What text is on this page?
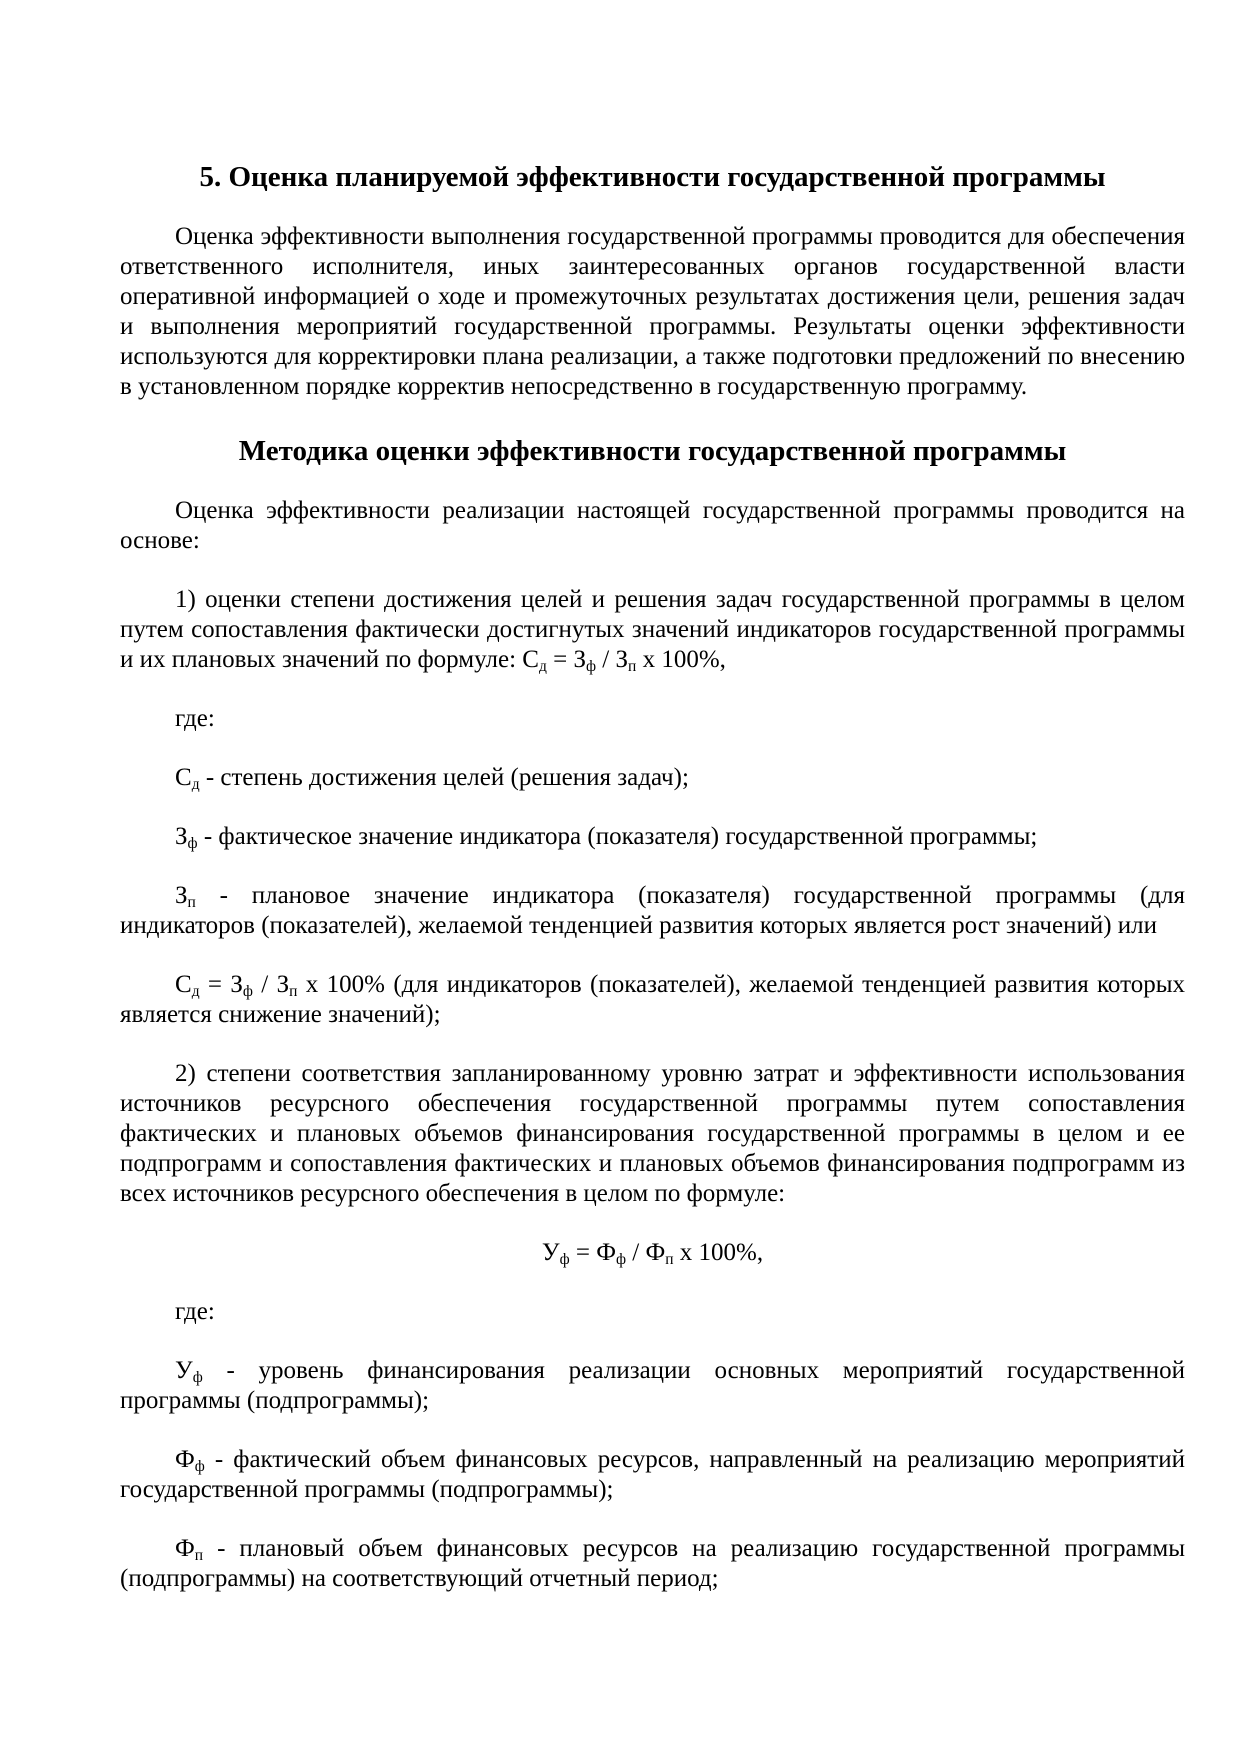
5. Оценка планируемой эффективности государственной программы

Оценка эффективности выполнения государственной программы проводится для обеспечения ответственного исполнителя, иных заинтересованных органов государственной власти оперативной информацией о ходе и промежуточных результатах достижения цели, решения задач и выполнения мероприятий государственной программы. Результаты оценки эффективности используются для корректировки плана реализации, а также подготовки предложений по внесению в установленном порядке корректив непосредственно в государственную программу.

Методика оценки эффективности государственной программы

Оценка эффективности реализации настоящей государственной программы проводится на основе:

1) оценки степени достижения целей и решения задач государственной программы в целом путем сопоставления фактически достигнутых значений индикаторов государственной программы и их плановых значений по формуле: $С_д = З_ф / З_п$ х 100%,

где:

$С_д$ - степень достижения целей (решения задач);

$З_ф$ - фактическое значение индикатора (показателя) государственной программы;

$З_п$ - плановое значение индикатора (показателя) государственной программы (для индикаторов (показателей), желаемой тенденцией развития которых является рост значений) или

$С_д = З_ф / З_п$ х 100% (для индикаторов (показателей), желаемой тенденцией развития которых является снижение значений);

2) степени соответствия запланированному уровню затрат и эффективности использования источников ресурсного обеспечения государственной программы путем сопоставления фактических и плановых объемов финансирования государственной программы в целом и ее подпрограмм и сопоставления фактических и плановых объемов финансирования подпрограмм из всех источников ресурсного обеспечения в целом по формуле:

$У_ф = Ф_ф / Ф_п$ х 100%,

где:

$У_ф$ - уровень финансирования реализации основных мероприятий государственной программы (подпрограммы);

$Ф_ф$ - фактический объем финансовых ресурсов, направленный на реализацию мероприятий государственной программы (подпрограммы);

$Ф_п$ - плановый объем финансовых ресурсов на реализацию государственной программы (подпрограммы) на соответствующий отчетный период;
